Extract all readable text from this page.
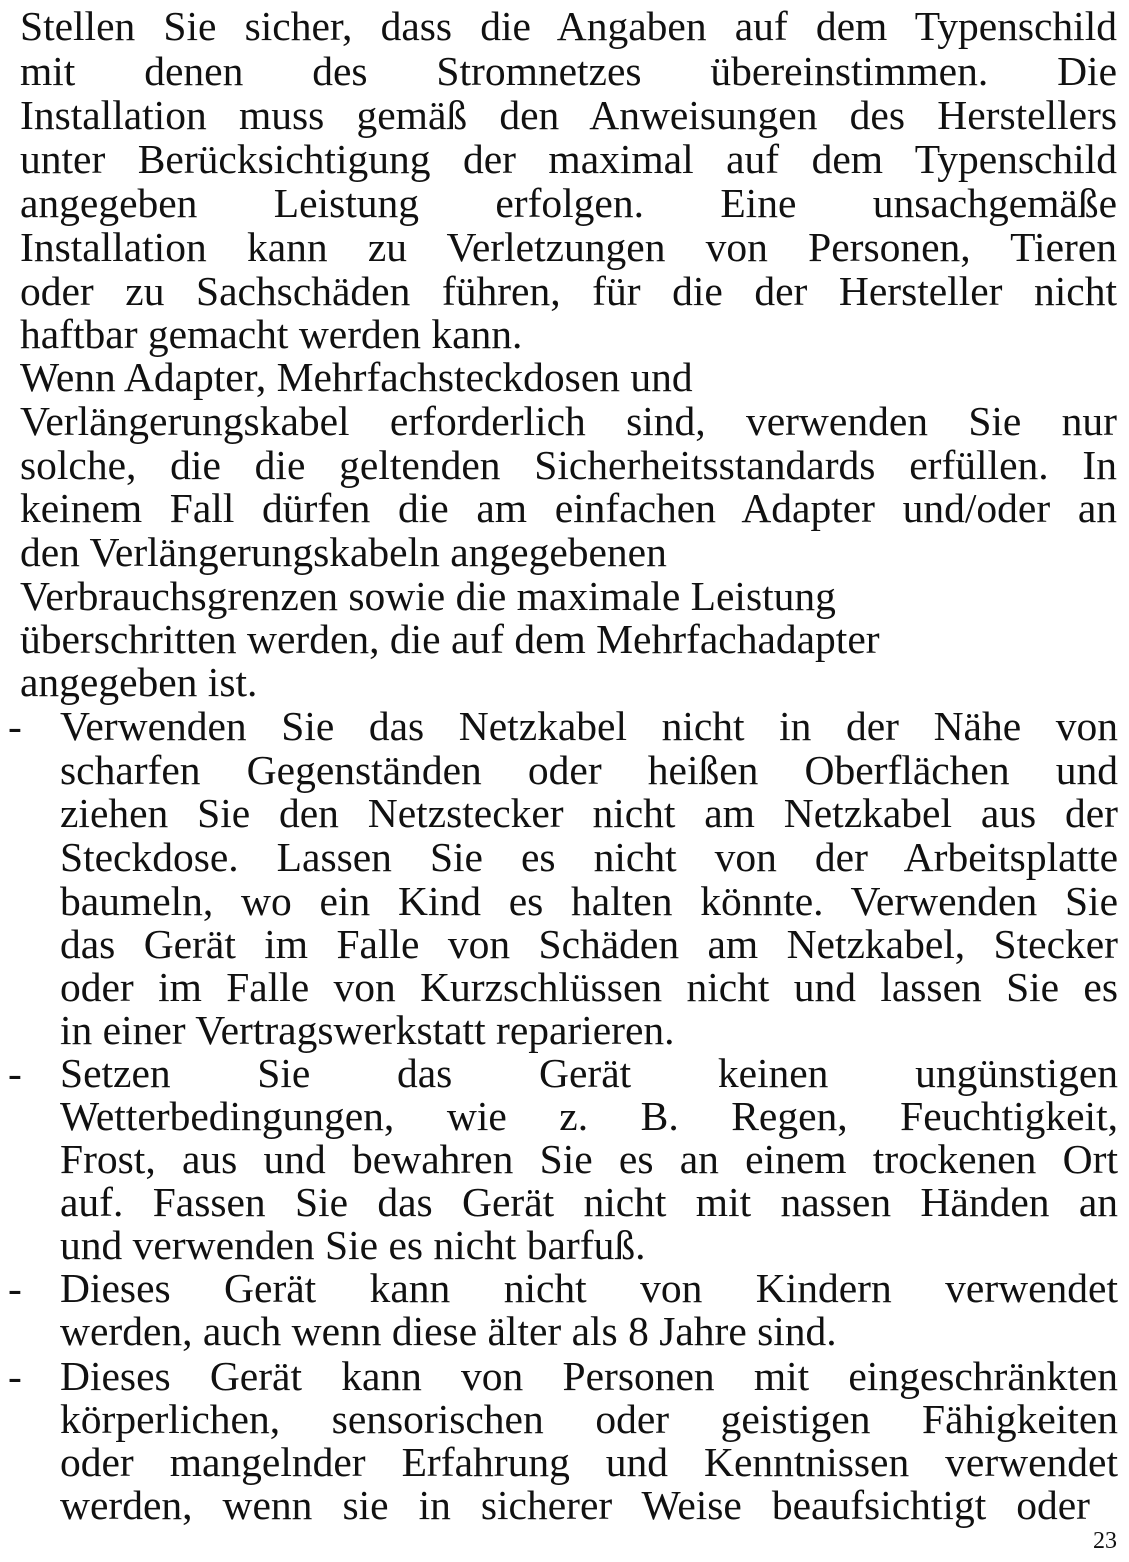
Stellen Sie sicher, dass die Angaben auf dem Typenschild
mit denen des Stromnetzes übereinstimmen. Die
Installation muss gemäß den Anweisungen des Herstellers
unter Berücksichtigung der maximal auf dem Typenschild
angegeben Leistung erfolgen. Eine unsachgemäße
Installation kann zu Verletzungen von Personen, Tieren
oder zu Sachschäden führen, für die der Hersteller nicht
haftbar gemacht werden kann.
Wenn Adapter, Mehrfachsteckdosen und
Verlängerungskabel erforderlich sind, verwenden Sie nur
solche, die die geltenden Sicherheitsstandards erfüllen. In
keinem Fall dürfen die am einfachen Adapter und/oder an
den Verlängerungskabeln angegebenen
Verbrauchsgrenzen sowie die maximale Leistung
überschritten werden, die auf dem Mehrfachadapter
angegeben ist.
- Verwenden Sie das Netzkabel nicht in der Nähe von
scharfen Gegenständen oder heißen Oberflächen und
ziehen Sie den Netzstecker nicht am Netzkabel aus der
Steckdose. Lassen Sie es nicht von der Arbeitsplatte
baumeln, wo ein Kind es halten könnte. Verwenden Sie
das Gerät im Falle von Schäden am Netzkabel, Stecker
oder im Falle von Kurzschlüssen nicht und lassen Sie es
in einer Vertragswerkstatt reparieren.
- Setzen Sie das Gerät keinen ungünstigen
Wetterbedingungen, wie z. B. Regen, Feuchtigkeit,
Frost, aus und bewahren Sie es an einem trockenen Ort
auf. Fassen Sie das Gerät nicht mit nassen Händen an
und verwenden Sie es nicht barfuß.
- Dieses Gerät kann nicht von Kindern verwendet
werden, auch wenn diese älter als 8 Jahre sind.
- Dieses Gerät kann von Personen mit eingeschränkten
körperlichen, sensorischen oder geistigen Fähigkeiten
oder mangelnder Erfahrung und Kenntnissen verwendet
werden, wenn sie in sicherer Weise beaufsichtigt oder
23
